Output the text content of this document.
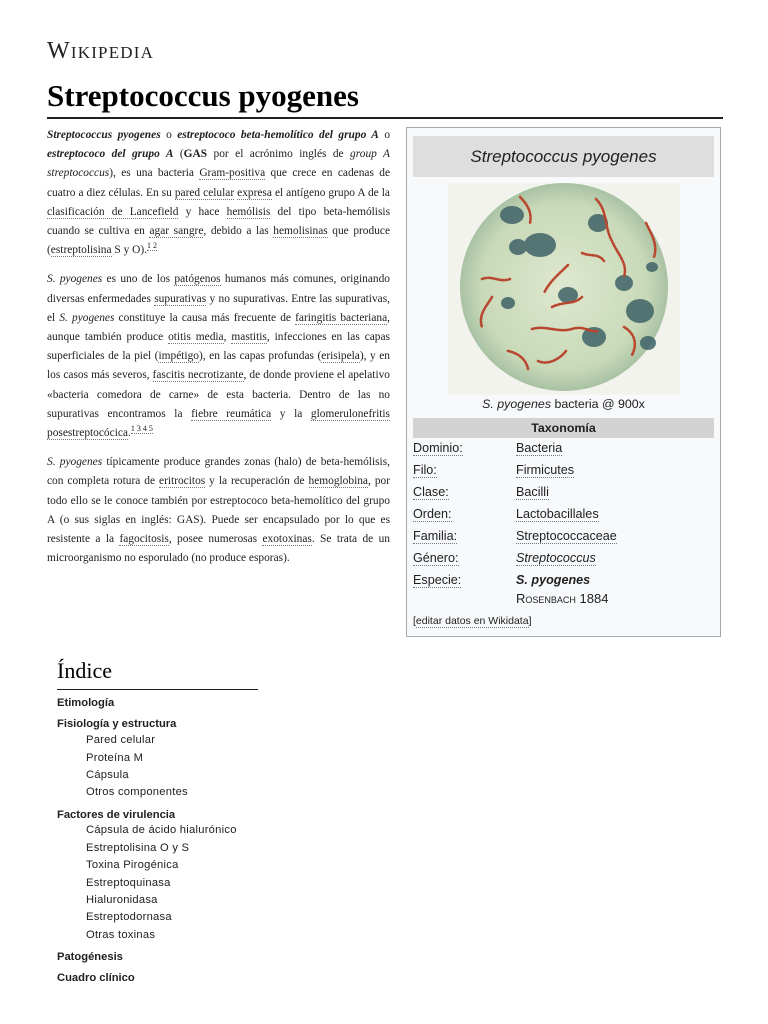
Wikipedia
Streptococcus pyogenes

Streptococcus pyogenes o estreptococo beta-hemolítico del grupo A o estreptococo del grupo A (GAS por el acrónimo inglés de group A streptococcus), es una bacteria Gram-positiva que crece en cadenas de cuatro a diez células. En su pared celular expresa el antígeno grupo A de la clasificación de Lancefield y hace hemólisis del tipo beta-hemólisis cuando se cultiva en agar sangre, debido a las hemolisinas que produce (estreptolisina S y O).$^{1 2}$

S. pyogenes es uno de los patógenos humanos más comunes, originando diversas enfermedades supurativas y no supurativas. Entre las supurativas, el S. pyogenes constituye la causa más frecuente de faringitis bacteriana, aunque también produce otitis media, mastitis, infecciones en las capas superficiales de la piel (impétigo), en las capas profundas (erisipela), y en los casos más severos, fascitis necrotizante, de donde proviene el apelativo «bacteria comedora de carne» de esta bacteria. Dentro de las no supurativas encontramos la fiebre reumática y la glomerulonefritis posestreptocócica.$^{1 3 4 5}$

S. pyogenes típicamente produce grandes zonas (halo) de beta-hemólisis, con completa rotura de eritrocitos y la recuperación de hemoglobina, por todo ello se le conoce también por estreptococo beta-hemolítico del grupo A (o sus siglas en inglés: GAS). Puede ser encapsulado por lo que es resistente a la fagocitosis, posee numerosas exotoxinas. Se trata de un microorganismo no esporulado (no produce esporas).

Streptococcus pyogenes
S. pyogenes bacteria @ 900x
Taxonomía
Dominio:	Bacteria
Filo:	Firmicutes
Clase:	Bacilli
Orden:	Lactobacillales
Familia:	Streptococcaceae
Género:	Streptococcus
Especie:	S. pyogenes
Rosenbach 1884
[editar datos en Wikidata]
Índice
Etimología
Fisiología y estructura
Pared celular
Proteína M
Cápsula
Otros componentes
Factores de virulencia
Cápsula de ácido hialurónico
Estreptolisina O y S
Toxina Pirogénica
Estreptoquinasa
Hialuronidasa
Estreptodornasa
Otras toxinas
Patogénesis
Cuadro clínico
